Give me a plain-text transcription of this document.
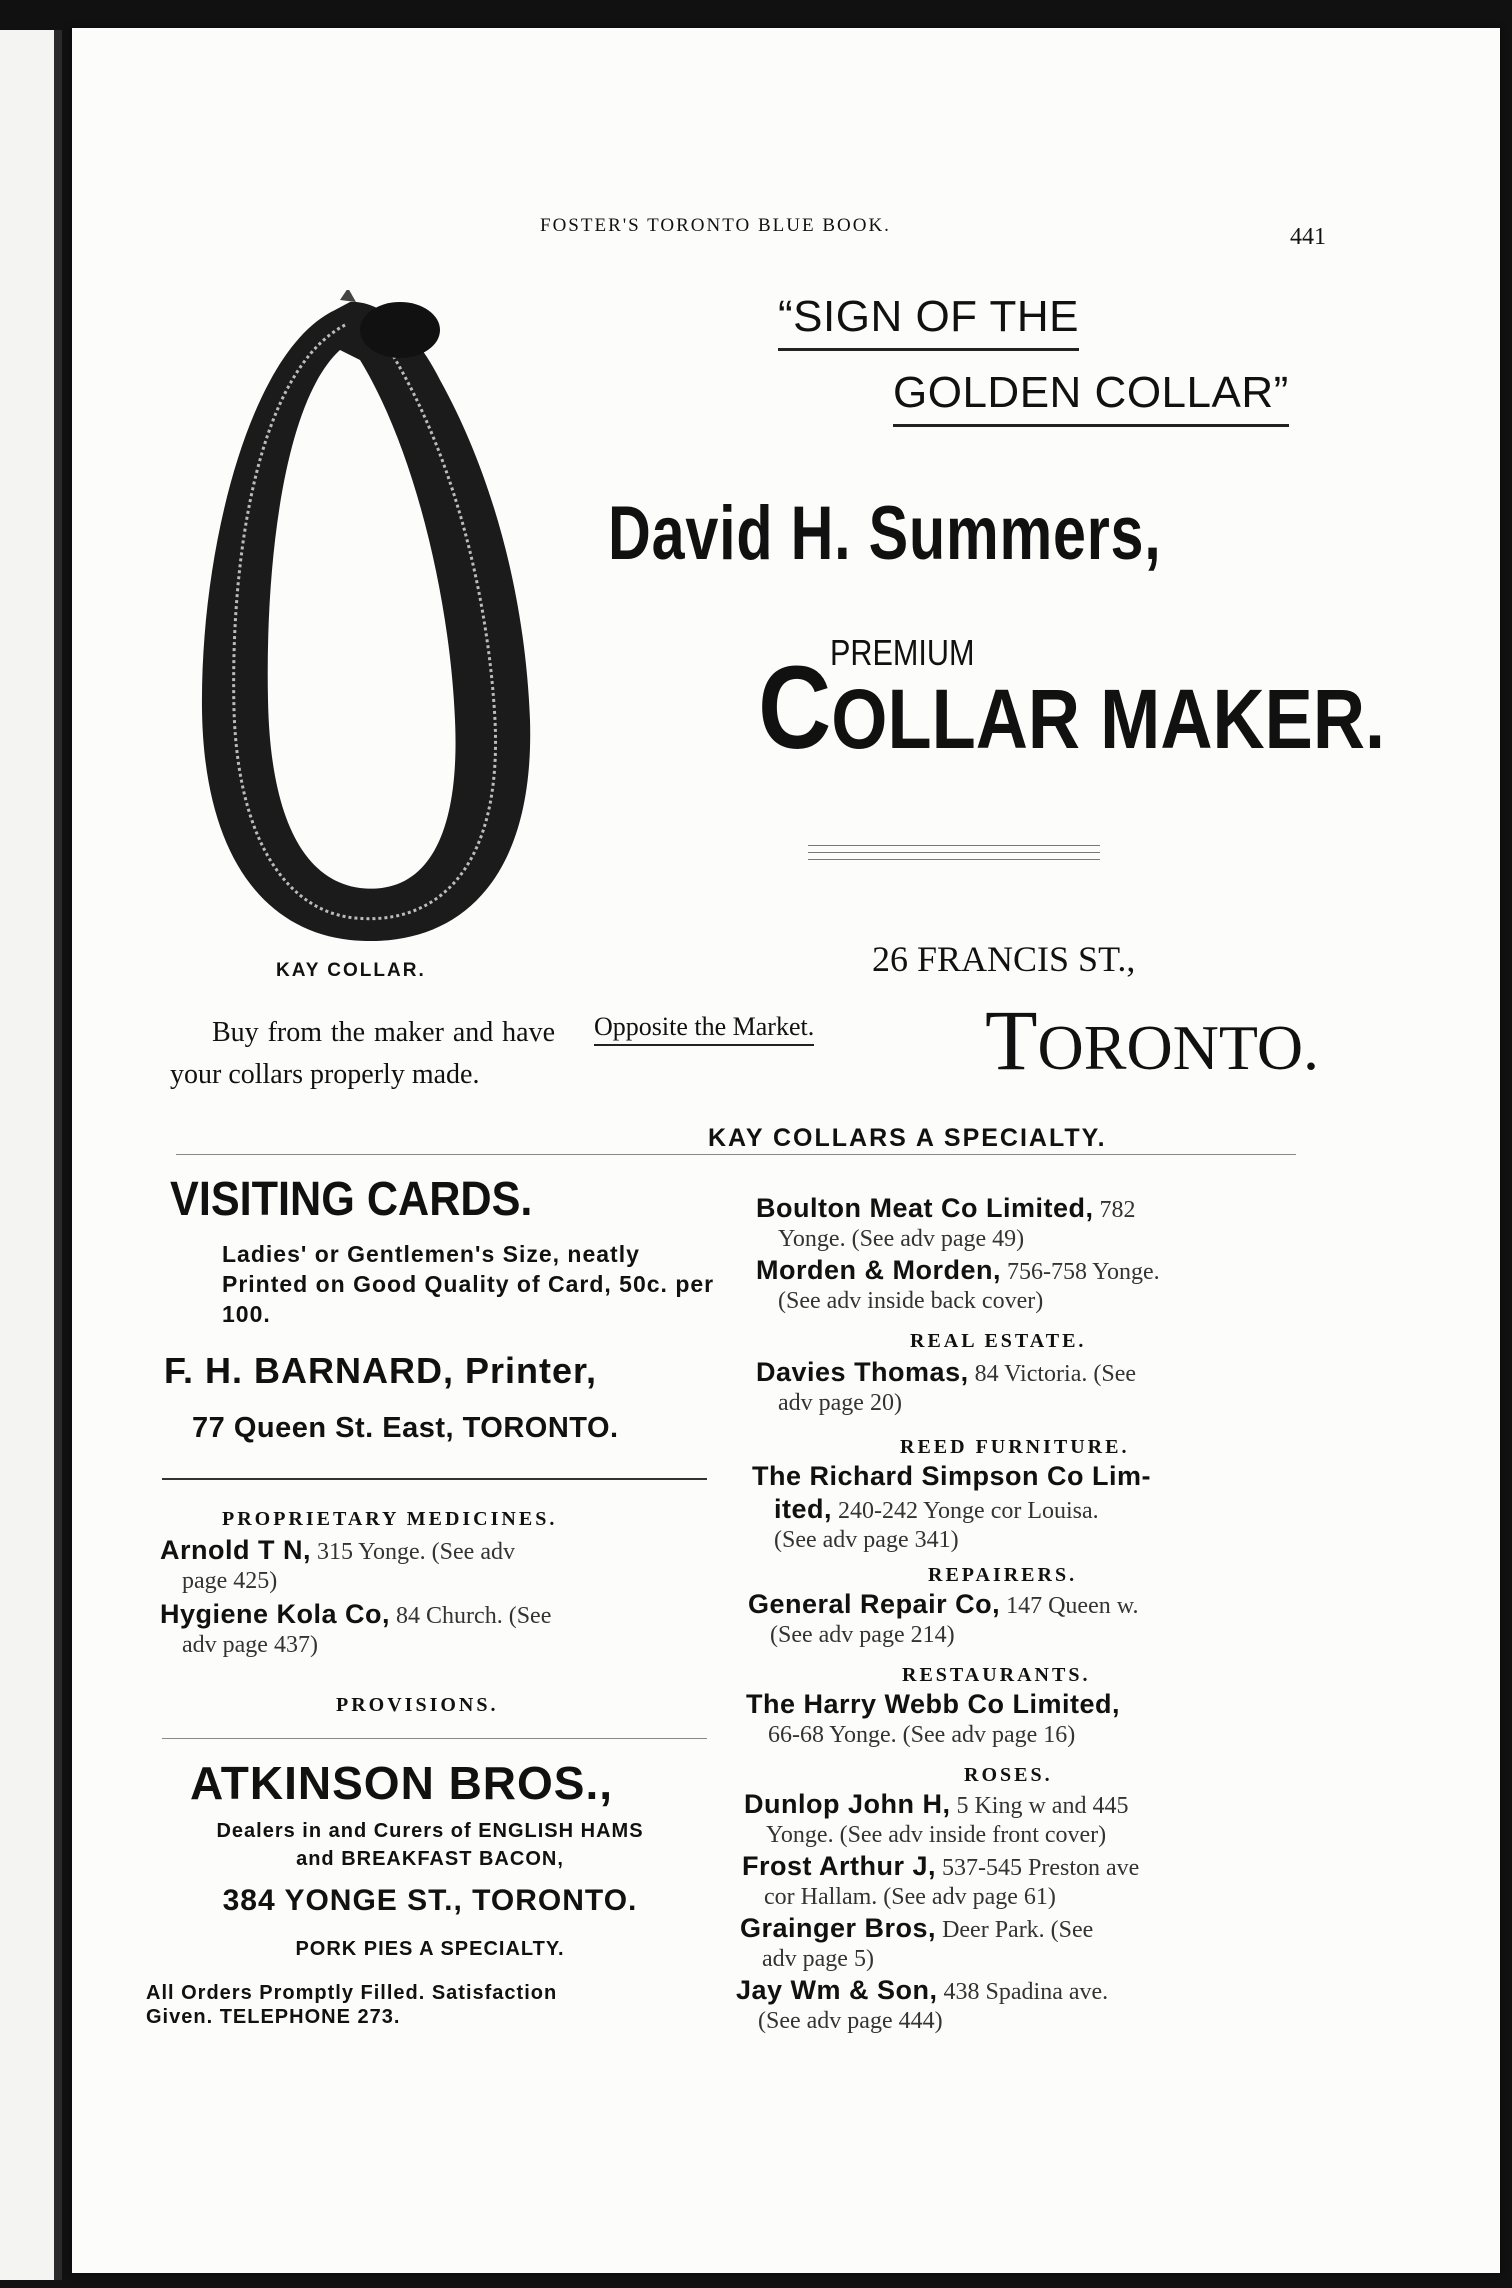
FOSTER'S TORONTO BLUE BOOK.	441
“SIGN OF THE
GOLDEN COLLAR”
KAY COLLAR.
David H. Summers,
PREMIUM
COLLAR MAKER.
26 FRANCIS ST.,
Buy from the maker and have your collars properly made.
Opposite the Market. TORONTO.
KAY COLLARS A SPECIALTY.
VISITING CARDS.
Ladies' or Gentlemen's Size, neatly Printed on Good Quality of Card, 50c. per 100.
F. H. BARNARD, Printer,
77 Queen St. East, TORONTO.
PROPRIETARY MEDICINES.
Arnold T N, 315 Yonge. (See adv
page 425)
Hygiene Kola Co, 84 Church. (See
adv page 437)
PROVISIONS.
ATKINSON BROS.,
Dealers in and Curers of ENGLISH HAMS
and BREAKFAST BACON,
384 YONGE ST., TORONTO.
PORK PIES A SPECIALTY.
All Orders Promptly Filled. Satisfaction
Given. TELEPHONE 273.
Boulton Meat Co Limited, 782
Yonge. (See adv page 49)
Morden & Morden, 756-758 Yonge.
(See adv inside back cover)
REAL ESTATE.
Davies Thomas, 84 Victoria. (See
adv page 20)
REED FURNITURE.
The Richard Simpson Co Lim-
ited, 240-242 Yonge cor Louisa.
(See adv page 341)
REPAIRERS.
General Repair Co, 147 Queen w.
(See adv page 214)
RESTAURANTS.
The Harry Webb Co Limited,
66-68 Yonge. (See adv page 16)
ROSES.
Dunlop John H, 5 King w and 445
Yonge. (See adv inside front cover)
Frost Arthur J, 537-545 Preston ave
cor Hallam. (See adv page 61)
Grainger Bros, Deer Park. (See
adv page 5)
Jay Wm & Son, 438 Spadina ave.
(See adv page 444)
